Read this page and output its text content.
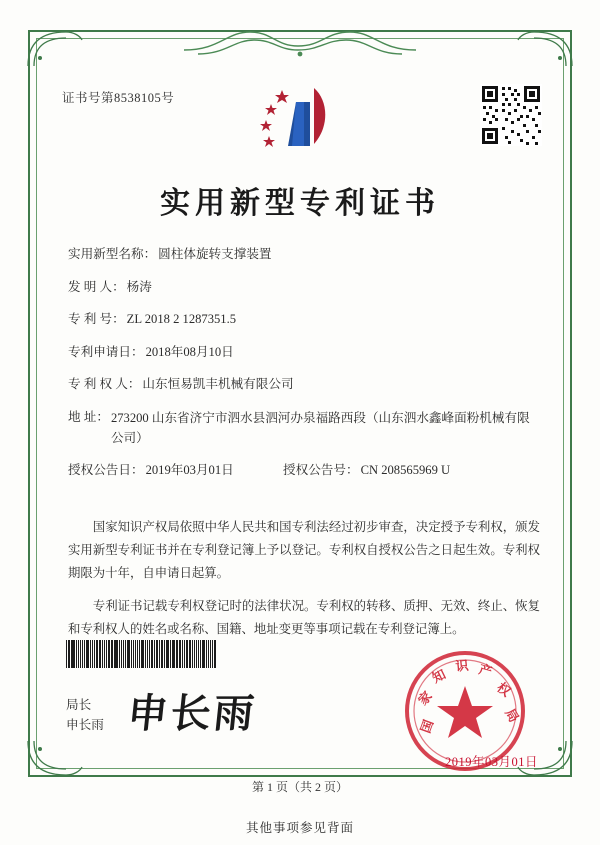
证书号第8538105号
实用新型专利证书
实用新型名称： 圆柱体旋转支撑装置
发 明 人： 杨涛
专 利 号： ZL 2018 2 1287351.5
专利申请日： 2018年08月10日
专 利 权 人： 山东恒易凯丰机械有限公司
地 址： 273200 山东省济宁市泗水县泗河办泉福路西段（山东泗水鑫峰面粉机械有限公司）
授权公告日： 2019年03月01日	授权公告号： CN 208565969 U

国家知识产权局依照中华人民共和国专利法经过初步审查，决定授予专利权，颁发实用新型专利证书并在专利登记簿上予以登记。专利权自授权公告之日起生效。专利权期限为十年，自申请日起算。

专利证书记载专利权登记时的法律状况。专利权的转移、质押、无效、终止、恢复和专利权人的姓名或名称、国籍、地址变更等事项记载在专利登记簿上。

局长
申长雨 申长雨	国
家
知
识 产
权
局
2019年03月01日
第 1 页（共 2 页）
其他事项参见背面
